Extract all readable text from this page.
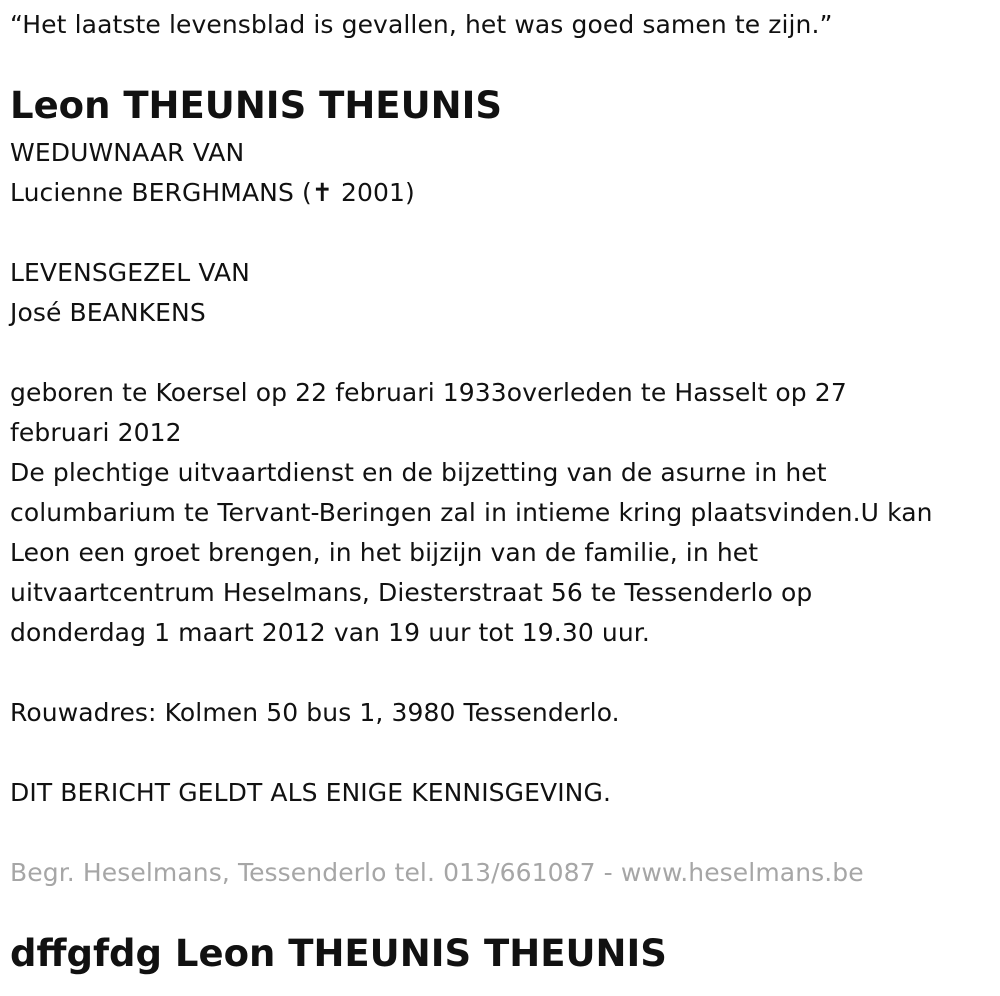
“Het laatste levensblad is gevallen, het was goed samen te zijn.”

Leon THEUNIS THEUNIS

WEDUWNAAR VAN

Lucienne BERGHMANS (✝ 2001)

LEVENSGEZEL VAN

José BEANKENS

geboren te Koersel op 22 februari 1933overleden te Hasselt op 27

februari 2012

De plechtige uitvaartdienst en de bijzetting van de asurne in het

columbarium te Tervant-Beringen zal in intieme kring plaatsvinden.U kan

Leon een groet brengen, in het bijzijn van de familie, in het

uitvaartcentrum Heselmans, Diesterstraat 56 te Tessenderlo op

donderdag 1 maart 2012 van 19 uur tot 19.30 uur.

Rouwadres: Kolmen 50 bus 1, 3980 Tessenderlo.

DIT BERICHT GELDT ALS ENIGE KENNISGEVING.

Begr. Heselmans, Tessenderlo tel. 013/661087 - www.heselmans.be

dffgfdg Leon THEUNIS THEUNIS
